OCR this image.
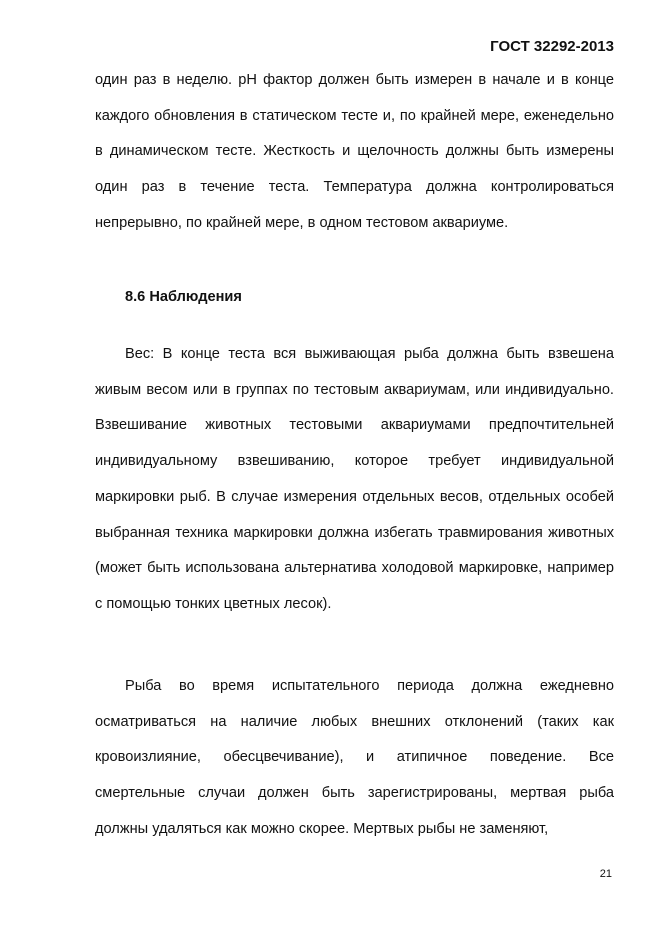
ГОСТ 32292-2013

один раз в неделю. pH фактор должен быть измерен в начале и в конце каждого обновления в статическом тесте и, по крайней мере, еженедельно в динамическом тесте. Жесткость и щелочность должны быть измерены один раз в течение теста. Температура должна контролироваться непрерывно, по крайней мере, в одном тестовом аквариуме.

8.6 Наблюдения

Вес: В конце теста вся выживающая рыба должна быть взвешена живым весом или в группах по тестовым аквариумам, или индивидуально. Взвешивание животных тестовыми аквариумами предпочтительней индивидуальному взвешиванию, которое требует индивидуальной маркировки рыб. В случае измерения отдельных весов, отдельных особей выбранная техника маркировки должна избегать травмирования животных (может быть использована альтернатива холодовой маркировке, например с помощью тонких цветных лесок).

Рыба во время испытательного периода должна ежедневно осматриваться на наличие любых внешних отклонений (таких как кровоизлияние, обесцвечивание), и атипичное поведение. Все смертельные случаи должен быть зарегистрированы, мертвая рыба должны удаляться как можно скорее. Мертвых рыбы не заменяют,

21
